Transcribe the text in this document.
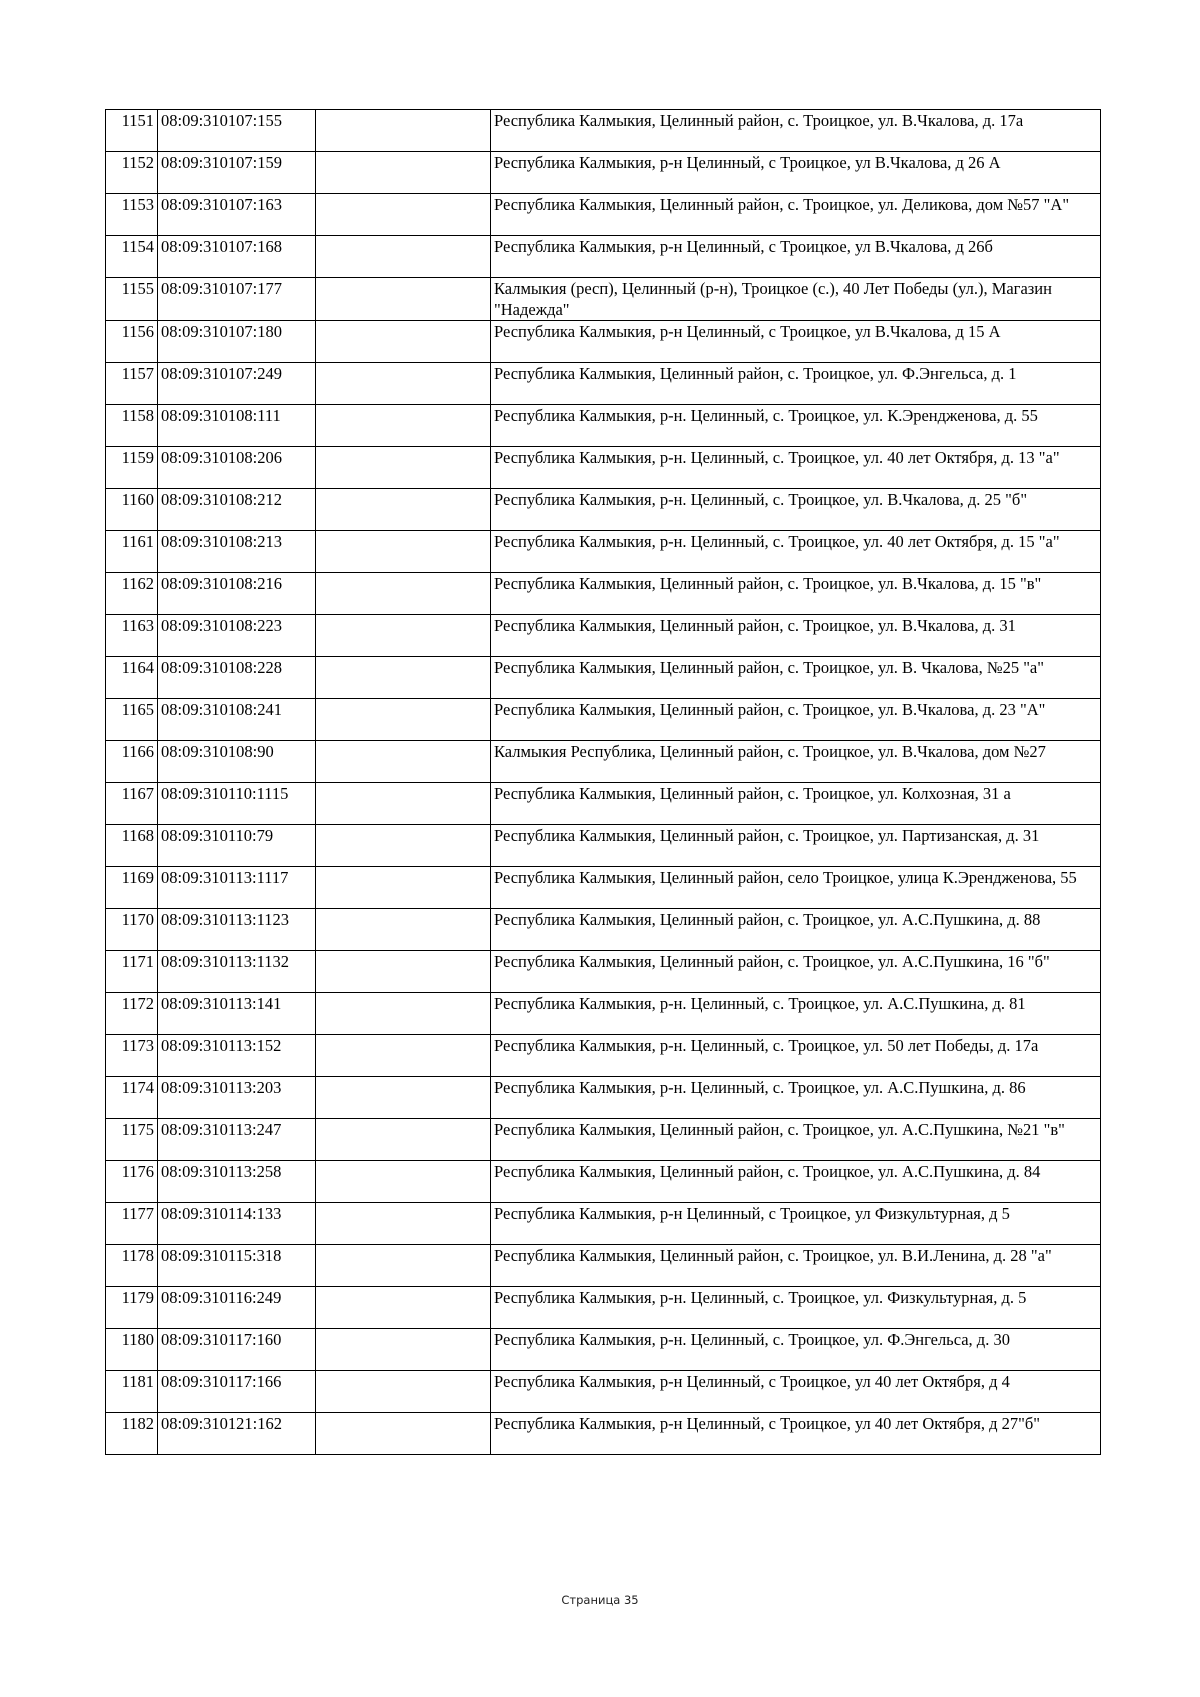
1151	08:09:310107:155		Республика Калмыкия, Целинный район, с. Троицкое, ул. В.Чкалова, д. 17а
1152	08:09:310107:159		Республика Калмыкия, р-н Целинный, с Троицкое, ул В.Чкалова, д 26 А
1153	08:09:310107:163		Республика Калмыкия, Целинный район, с. Троицкое, ул. Деликова, дом №57 "А"
1154	08:09:310107:168		Республика Калмыкия, р-н Целинный, с Троицкое, ул В.Чкалова, д 26б
1155	08:09:310107:177		Калмыкия (респ), Целинный (р-н), Троицкое (с.), 40 Лет Победы (ул.), Магазин "Надежда"
1156	08:09:310107:180		Республика Калмыкия, р-н Целинный, с Троицкое, ул В.Чкалова, д 15 А
1157	08:09:310107:249		Республика Калмыкия, Целинный район, с. Троицкое, ул. Ф.Энгельса, д. 1
1158	08:09:310108:111		Республика Калмыкия, р-н. Целинный, с. Троицкое, ул. К.Эрендженова, д. 55
1159	08:09:310108:206		Республика Калмыкия, р-н. Целинный, с. Троицкое, ул. 40 лет Октября, д. 13 "а"
1160	08:09:310108:212		Республика Калмыкия, р-н. Целинный, с. Троицкое, ул. В.Чкалова, д. 25 "б"
1161	08:09:310108:213		Республика Калмыкия, р-н. Целинный, с. Троицкое, ул. 40 лет Октября, д. 15 "а"
1162	08:09:310108:216		Республика Калмыкия, Целинный район, с. Троицкое, ул. В.Чкалова, д. 15 "в"
1163	08:09:310108:223		Республика Калмыкия, Целинный район, с. Троицкое, ул. В.Чкалова, д. 31
1164	08:09:310108:228		Республика Калмыкия, Целинный район, с. Троицкое, ул. В. Чкалова, №25 "а"
1165	08:09:310108:241		Республика Калмыкия, Целинный район, с. Троицкое, ул. В.Чкалова, д. 23 "А"
1166	08:09:310108:90		Калмыкия Республика, Целинный район, с. Троицкое, ул. В.Чкалова, дом №27
1167	08:09:310110:1115		Республика Калмыкия, Целинный район, с. Троицкое, ул. Колхозная, 31 а
1168	08:09:310110:79		Республика Калмыкия, Целинный район, с. Троицкое, ул. Партизанская, д. 31
1169	08:09:310113:1117		Республика Калмыкия, Целинный район, село Троицкое, улица К.Эрендженова, 55
1170	08:09:310113:1123		Республика Калмыкия, Целинный район, с. Троицкое, ул. А.С.Пушкина, д. 88
1171	08:09:310113:1132		Республика Калмыкия, Целинный район, с. Троицкое, ул. А.С.Пушкина, 16 "б"
1172	08:09:310113:141		Республика Калмыкия, р-н. Целинный, с. Троицкое, ул. А.С.Пушкина, д. 81
1173	08:09:310113:152		Республика Калмыкия, р-н. Целинный, с. Троицкое, ул. 50 лет Победы, д. 17а
1174	08:09:310113:203		Республика Калмыкия, р-н. Целинный, с. Троицкое, ул. А.С.Пушкина, д. 86
1175	08:09:310113:247		Республика Калмыкия, Целинный район, с. Троицкое, ул. А.С.Пушкина, №21 "в"
1176	08:09:310113:258		Республика Калмыкия, Целинный район, с. Троицкое, ул. А.С.Пушкина, д. 84
1177	08:09:310114:133		Республика Калмыкия, р-н Целинный, с Троицкое, ул Физкультурная, д 5
1178	08:09:310115:318		Республика Калмыкия, Целинный район, с. Троицкое, ул. В.И.Ленина, д. 28 "а"
1179	08:09:310116:249		Республика Калмыкия, р-н. Целинный, с. Троицкое, ул. Физкультурная, д. 5
1180	08:09:310117:160		Республика Калмыкия, р-н. Целинный, с. Троицкое, ул. Ф.Энгельса, д. 30
1181	08:09:310117:166		Республика Калмыкия, р-н Целинный, с Троицкое, ул 40 лет Октября, д 4
1182	08:09:310121:162		Республика Калмыкия, р-н Целинный, с Троицкое, ул 40 лет Октября, д 27"б"
Страница 35
